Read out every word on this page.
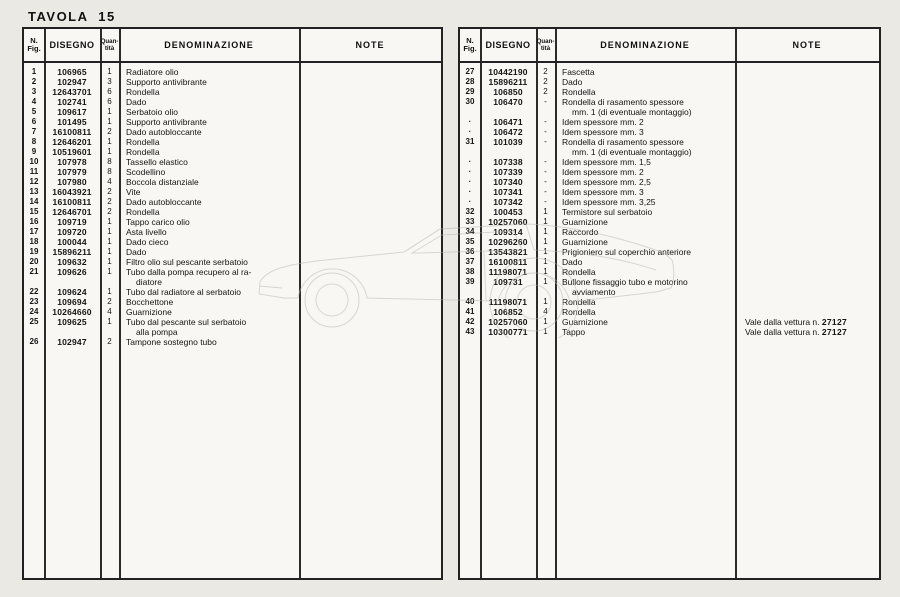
TAVOLA  15
N.
Fig. DISEGNO Quan-
tità	DENOMINAZIONE	NOTE
1	106965	1	Radiatore olio
2	102947	3	Supporto antivibrante
3	12643701	6	Rondella
4	102741	6	Dado
5	109617	1	Serbatoio olio
6	101495	1	Supporto antivibrante
7	16100811	2	Dado autobloccante
8	12646201	1	Rondella
9	10519601	1	Rondella
10	107978	8	Tassello elastico
11	107979	8	Scodellino
12	107980	4	Boccola distanziale
13	16043921	2	Vite
14	16100811	2	Dado autobloccante
15	12646701	2	Rondella
16	109719	1	Tappo carico olio
17	109720	1	Asta livello
18	100044	1	Dado cieco
19	15896211	1	Dado
20	109632	1	Filtro olio sul pescante serbatoio
21	109626	1	Tubo dalla pompa recupero al ra-
diatore
22	109624	1	Tubo dal radiatore al serbatoio
23	109694	2	Bocchettone
24	10264660	4	Guarnizione
25	109625	1	Tubo dal pescante sul serbatoio
alla pompa
26	102947	2	Tampone sostegno tubo
N.
Fig. DISEGNO Quan-
tità	DENOMINAZIONE	NOTE
27	10442190	2	Fascetta
28	15896211	2	Dado
29	106850	2	Rondella
30	106470	-	Rondella di rasamento spessore
mm. 1 (di eventuale montaggio)
·	106471	-	Idem spessore mm. 2
·	106472	-	Idem spessore mm. 3
31	101039	-	Rondella di rasamento spessore
mm. 1 (di eventuale montaggio)
·	107338	-	Idem spessore mm. 1,5
·	107339	-	Idem spessore mm. 2
·	107340	-	Idem spessore mm. 2,5
·	107341	-	Idem spessore mm. 3
·	107342	-	Idem spessore mm. 3,25
32	100453	1	Termistore sul serbatoio
33	10257060	1	Guarnizione
34	109314	1	Raccordo
35	10296260	1	Guarnizione
36	13543821	1	Prigioniero sul coperchio anteriore
37	16100811	1	Dado
38	11198071	1	Rondella
39	109731	1	Bullone fissaggio tubo e motorino
avviamento
40	11198071	1	Rondella
41	106852	4	Rondella
42	10257060	1	Guarnizione	Vale dalla vettura n. 27127
43	10300771	1	Tappo	Vale dalla vettura n. 27127
